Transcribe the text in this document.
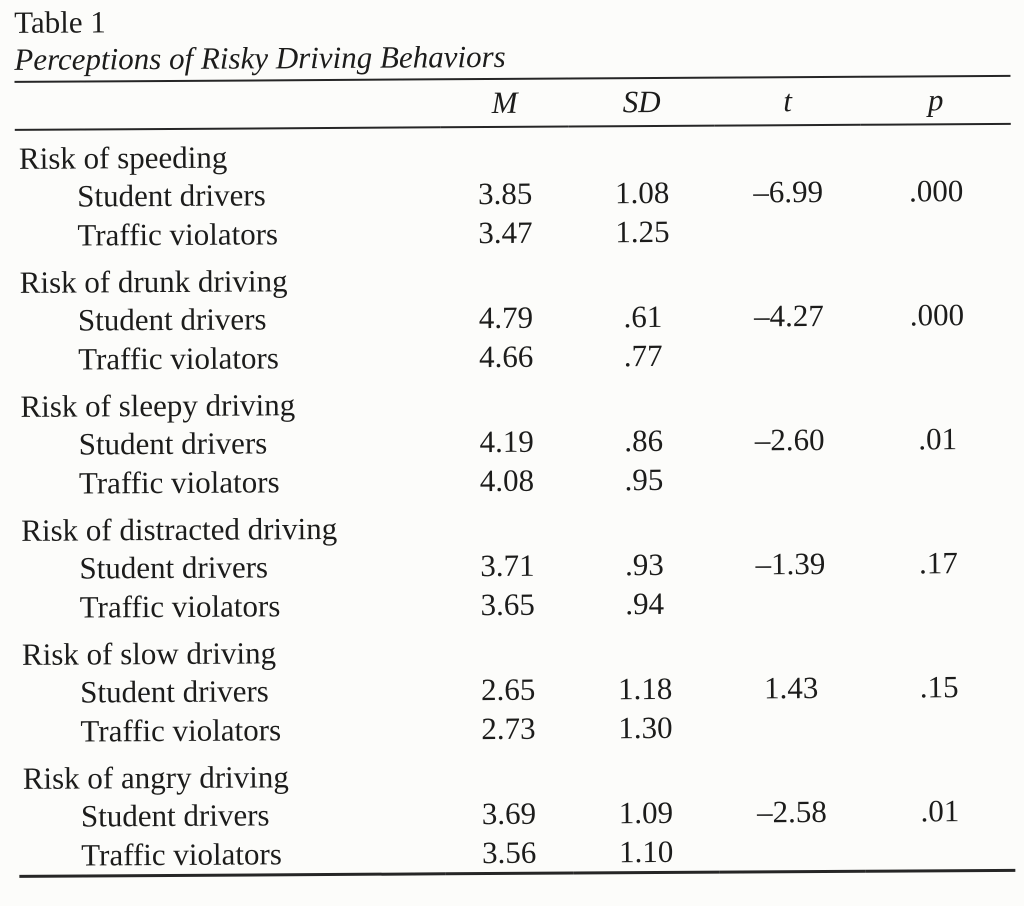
Table 1
Perceptions of Risky Driving Behaviors
	M	SD	t	p
Risk of speeding				
Student drivers	3.85	1.08	–6.99	.000
Traffic violators	3.47	1.25		
Risk of drunk driving				
Student drivers	4.79	.61	–4.27	.000
Traffic violators	4.66	.77		
Risk of sleepy driving				
Student drivers	4.19	.86	–2.60	.01
Traffic violators	4.08	.95		
Risk of distracted driving				
Student drivers	3.71	.93	–1.39	.17
Traffic violators	3.65	.94		
Risk of slow driving				
Student drivers	2.65	1.18	1.43	.15
Traffic violators	2.73	1.30		
Risk of angry driving				
Student drivers	3.69	1.09	–2.58	.01
Traffic violators	3.56	1.10		
